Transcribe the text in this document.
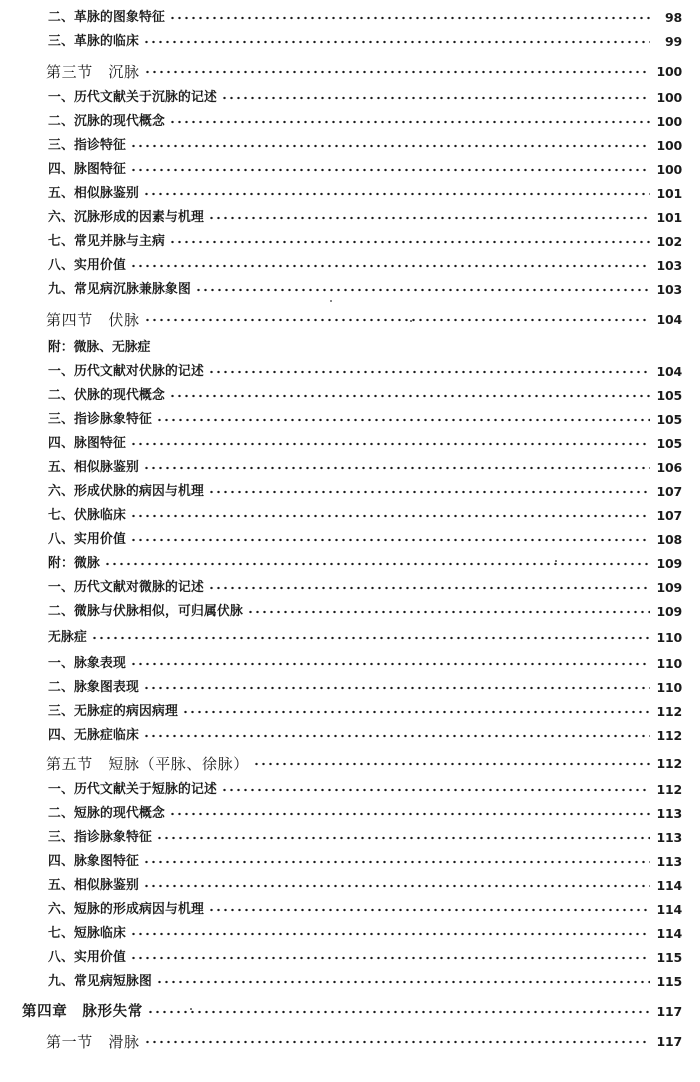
二、革脉的图象特征	98
三、革脉的临床	99
第三节　沉脉	100
一、历代文献关于沉脉的记述	100
二、沉脉的现代概念	100
三、指诊特征	100
四、脉图特征	100
五、相似脉鉴别	101
六、沉脉形成的因素与机理	101
七、常见并脉与主病	102
八、实用价值	103
九、常见病沉脉兼脉象图	103
第四节　伏脉	104
附：微脉、无脉症
一、历代文献对伏脉的记述	104
二、伏脉的现代概念	105
三、指诊脉象特征	105
四、脉图特征	105
五、相似脉鉴别	106
六、形成伏脉的病因与机理	107
七、伏脉临床	107
八、实用价值	108
附：微脉	109
一、历代文献对微脉的记述	109
二、微脉与伏脉相似，可归属伏脉	109
无脉症	110
一、脉象表现	110
二、脉象图表现	110
三、无脉症的病因病理	112
四、无脉症临床	112
第五节　短脉（平脉、徐脉）	112
一、历代文献关于短脉的记述	112
二、短脉的现代概念	113
三、指诊脉象特征	113
四、脉象图特征	113
五、相似脉鉴别	114
六、短脉的形成病因与机理	114
七、短脉临床	114
八、实用价值	115
九、常见病短脉图	115
第四章　脉形失常	117
第一节　滑脉	117
